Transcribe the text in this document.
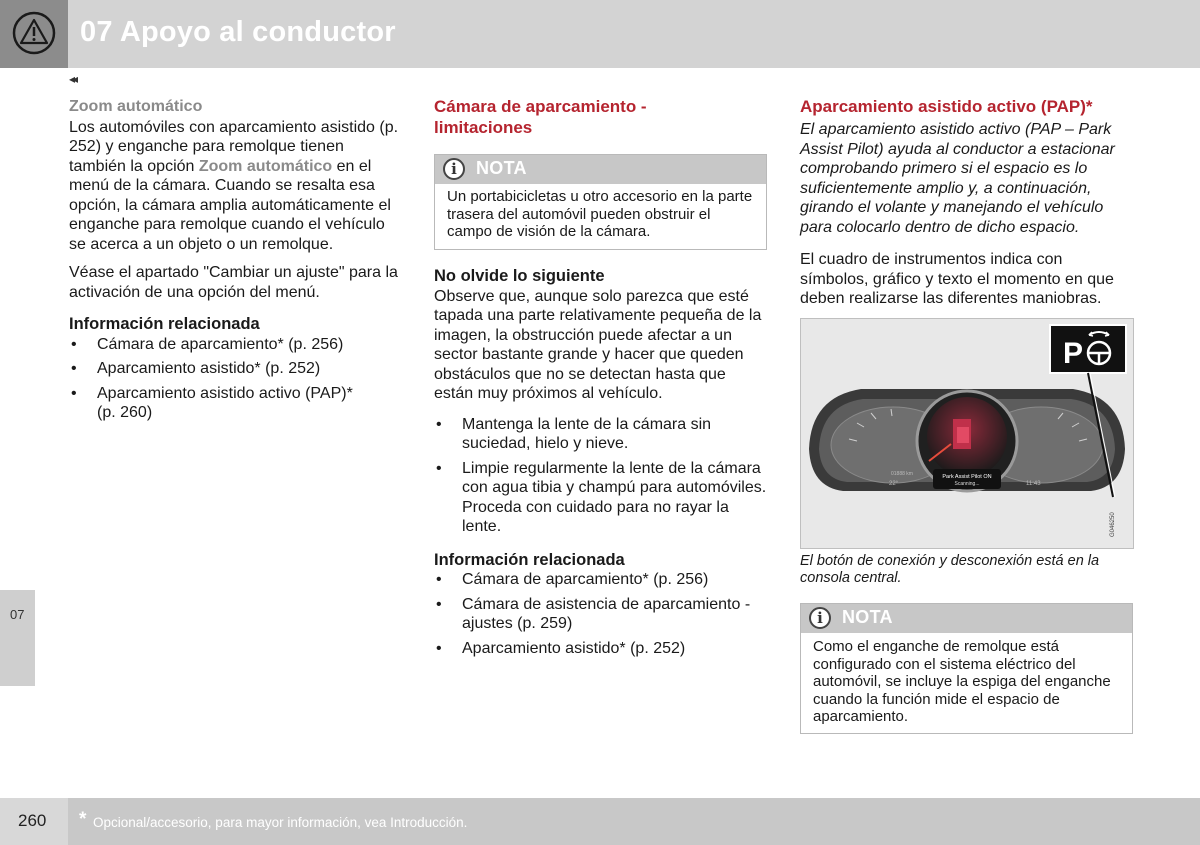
07 Apoyo al conductor
◂◂

Zoom automático

Los automóviles con aparcamiento asistido (p. 252) y enganche para remolque tienen también la opción Zoom automático en el menú de la cámara. Cuando se resalta esa opción, la cámara amplia automáticamente el enganche para remolque cuando el vehículo se acerca a un objeto o un remolque.

Véase el apartado "Cambiar un ajuste" para la activación de una opción del menú.

Información relacionada

• Cámara de aparcamiento* (p. 256)
• Aparcamiento asistido* (p. 252)
• Aparcamiento asistido activo (PAP)* (p. 260)

Cámara de aparcamiento - limitaciones

i	NOTA
Un portabicicletas u otro accesorio en la parte trasera del automóvil pueden obstruir el campo de visión de la cámara.

No olvide lo siguiente

Observe que, aunque solo parezca que esté tapada una parte relativamente pequeña de la imagen, la obstrucción puede afectar a un sector bastante grande y hacer que queden obstáculos que no se detectan hasta que están muy próximos al vehículo.

• Mantenga la lente de la cámara sin suciedad, hielo y nieve.
• Limpie regularmente la lente de la cámara con agua tibia y champú para automóviles. Proceda con cuidado para no rayar la lente.

Información relacionada

• Cámara de aparcamiento* (p. 256)
• Cámara de asistencia de aparcamiento - ajustes (p. 259)
• Aparcamiento asistido* (p. 252)

Aparcamiento asistido activo (PAP)*

El aparcamiento asistido activo (PAP – Park Assist Pilot) ayuda al conductor a estacionar comprobando primero si el espacio es lo suficientemente amplio y, a continuación, girando el volante y manejando el vehículo para colocarlo dentro de dicho espacio.

El cuadro de instrumentos indica con símbolos, gráfico y texto el momento en que deben realizarse las diferentes maniobras.

Park Assist Pilot ON
Scanning...
22°	11:43
01888 km
P
G046250
El botón de conexión y desconexión está en la consola central.
i	NOTA
Como el enganche de remolque está configurado con el sistema eléctrico del automóvil, se incluye la espiga del enganche cuando la función mide el espacio de aparcamiento.
07
260 * Opcional/accesorio, para mayor información, vea Introducción.
